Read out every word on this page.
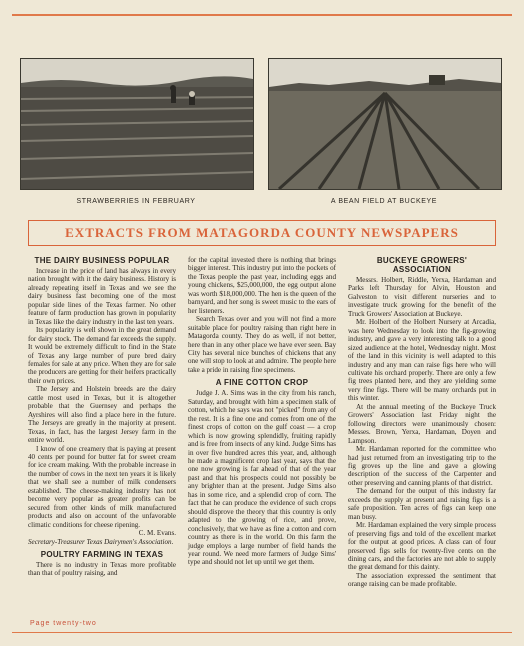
STRAWBERRIES IN FEBRUARY	A BEAN FIELD AT BUCKEYE
EXTRACTS FROM MATAGORDA COUNTY NEWSPAPERS
THE DAIRY BUSINESS POPULAR

Increase in the price of land has always in every nation brought with it the dairy business. History is already repeating itself in Texas and we see the dairy business fast becoming one of the most popular side lines of the Texas farmer. No other feature of farm production has grown in popularity in Texas like the dairy industry in the last ten years.

Its popularity is well shown in the great demand for dairy stock. The demand far exceeds the supply. It would be extremely difficult to find in the State of Texas any large number of pure bred dairy females for sale at any price. When they are for sale the producers are getting for their heifers practically their own prices.

The Jersey and Holstein breeds are the dairy cattle most used in Texas, but it is altogether probable that the Guernsey and perhaps the Ayrshires will also find a place here in the future. The Jerseys are greatly in the majority at present. Texas, in fact, has the largest Jersey farm in the entire world.

I know of one creamery that is paying at present 40 cents per pound for butter fat for sweet cream for ice cream making. With the probable increase in the number of cows in the next ten years it is likely that we shall see a number of milk condensers established. The cheese-making industry has not become very popular as greater profits can be secured from other kinds of milk manufactured products and also on account of the unfavorable climatic conditions for cheese ripening.

C. M. Evans.

Secretary-Treasurer Texas Dairymen's Association.

POULTRY FARMING IN TEXAS

There is no industry in Texas more profitable than that of poultry raising, and

for the capital invested there is nothing that brings bigger interest. This industry put into the pockets of the Texas people the past year, including eggs and young chickens, $25,000,000, the egg output alone was worth $18,000,000. The hen is the queen of the barnyard, and her song is sweet music to the ears of her listeners.

Search Texas over and you will not find a more suitable place for poultry raising than right here in Matagorda county. They do as well, if not better, here than in any other place we have ever seen. Bay City has several nice bunches of chickens that any one will stop to look at and admire. The people here take a pride in raising fine specimens.

A FINE COTTON CROP

Judge J. A. Sims was in the city from his ranch, Saturday, and brought with him a specimen stalk of cotton, which he says was not "picked" from any of the rest. It is a fine one and comes from one of the finest crops of cotton on the gulf coast — a crop which is now growing splendidly, fruiting rapidly and is free from insects of any kind. Judge Sims has in over five hundred acres this year, and, although he made a magnificent crop last year, says that the one now growing is far ahead of that of the year past and that his prospects could not possibly be any brighter than at the present. Judge Sims also has in some rice, and a splendid crop of corn. The fact that he can produce the evidence of such crops should disprove the theory that this country is only adapted to the growing of rice, and prove, conclusively, that we have as fine a cotton and corn country as there is in the world. On this farm the judge employs a large number of field hands the year round. We need more farmers of Judge Sims' type and should not let up until we get them.

BUCKEYE GROWERS' ASSOCIATION

Messrs. Holbert, Riddle, Yerxa, Hardaman and Parks left Thursday for Alvin, Houston and Galveston to visit different nurseries and to investigate truck growing for the benefit of the Truck Growers' Association at Buckeye.

Mr. Holbert of the Holbert Nursery at Arcadia, was here Wednesday to look into the fig-growing industry, and gave a very interesting talk to a good sized audience at the hotel, Wednesday night. Most of the land in this vicinity is well adapted to this industry and any man can raise figs here who will cultivate his orchard properly. There are only a few fig trees planted here, and they are yielding some very fine figs. There will be many orchards put in this winter.

At the annual meeting of the Buckeye Truck Growers' Association last Friday night the following directors were unanimously chosen: Messes. Brown, Yerxa, Hardaman, Doyen and Lampson.

Mr. Hardaman reported for the committee who had just returned from an investigating trip to the fig groves up the line and gave a glowing description of the success of the Carpenter and other preserving and canning plants of that district.

The demand for the output of this industry far exceeds the supply at present and raising figs is a safe proposition. Ten acres of figs can keep one man busy.

Mr. Hardaman explained the very simple process of preserving figs and told of the excellent market for the output at good prices. A class can of four preserved figs sells for twenty-five cents on the dining cars, and the factories are not able to supply the great demand for this dainty.

The association expressed the sentiment that orange raising can be made profitable.

Page twenty-two
